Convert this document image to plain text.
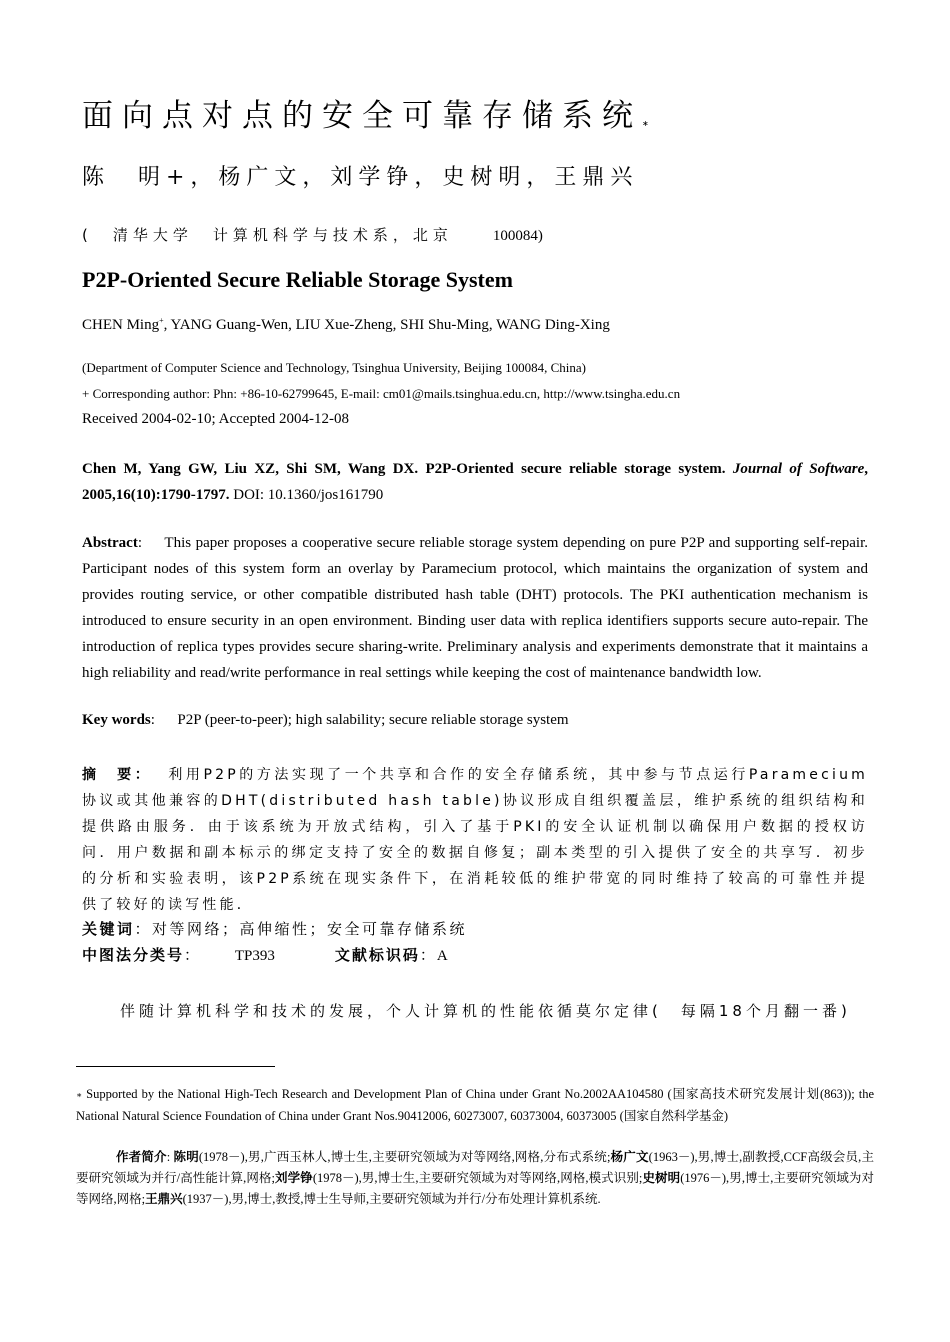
面向点对点的安全可靠存储系统∗
陈　明+，杨广文，刘学铮，史树明，王鼎兴
(　清华大学　计算机科学与技术系，北京	100084)
P2P-Oriented Secure Reliable Storage System
CHEN Ming+, YANG Guang-Wen, LIU Xue-Zheng, SHI Shu-Ming, WANG Ding-Xing
(Department of Computer Science and Technology, Tsinghua University, Beijing 100084, China)
+ Corresponding author: Phn: +86-10-62799645, E-mail: cm01@mails.tsinghua.edu.cn, http://www.tsingha.edu.cn
Received 2004-02-10; Accepted 2004-12-08
Chen M, Yang GW, Liu XZ, Shi SM, Wang DX. P2P-Oriented secure reliable storage system. Journal of Software, 2005,16(10):1790-1797. DOI: 10.1360/jos161790
Abstract:     This paper proposes a cooperative secure reliable storage system depending on pure P2P and supporting self-repair. Participant nodes of this system form an overlay by Paramecium protocol, which maintains the organization of system and provides routing service, or other compatible distributed hash table (DHT) protocols. The PKI authentication mechanism is introduced to ensure security in an open environment. Binding user data with replica identifiers supports secure auto-repair. The introduction of replica types provides secure sharing-write. Preliminary analysis and experiments demonstrate that it maintains a high reliability and read/write performance in real settings while keeping the cost of maintenance bandwidth low.
Key words:      P2P (peer-to-peer); high salability; secure reliable storage system
摘　要： 利用P2P的方法实现了一个共享和合作的安全存储系统，其中参与节点运行Paramecium协议或其他兼容的DHT(distributed hash table)协议形成自组织覆盖层，维护系统的组织结构和提供路由服务．由于该系统为开放式结构，引入了基于PKI的安全认证机制以确保用户数据的授权访问．用户数据和副本标示的绑定支持了安全的数据自修复；副本类型的引入提供了安全的共享写．初步的分析和实验表明，该P2P系统在现实条件下，在消耗较低的维护带宽的同时维持了较高的可靠性并提供了较好的读写性能．
关键词：对等网络；高伸缩性；安全可靠存储系统
中图法分类号：     TP393	文献标识码：A
伴随计算机科学和技术的发展，个人计算机的性能依循莫尔定律(　每隔18个月翻一番)
∗ Supported by the National High-Tech Research and Development Plan of China under Grant No.2002AA104580 (国家高技术研究发展计划(863)); the National Natural Science Foundation of China under Grant Nos.90412006, 60273007, 60373004, 60373005 (国家自然科学基金)
作者简介: 陈明(1978－),男,广西玉林人,博士生,主要研究领域为对等网络,网格,分布式系统;杨广文(1963－),男,博士,副教授,CCF高级会员,主要研究领域为并行/高性能计算,网格;刘学铮(1978－),男,博士生,主要研究领域为对等网络,网格,模式识别;史树明(1976－),男,博士,主要研究领域为对等网络,网格;王鼎兴(1937－),男,博士,教授,博士生导师,主要研究领域为并行/分布处理计算机系统.
